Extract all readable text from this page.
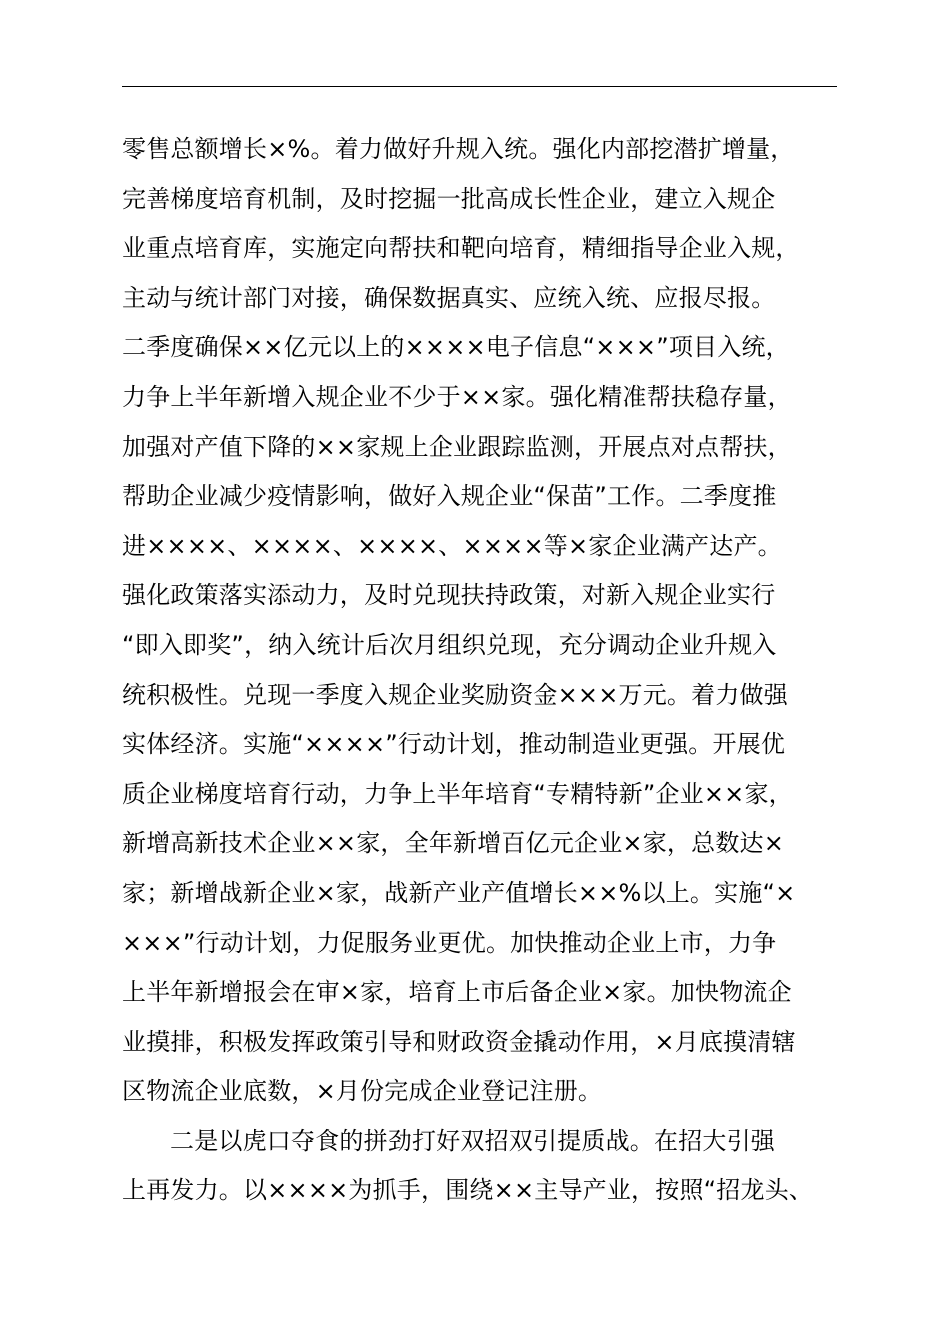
零售总额增长×%。着力做好升规入统。强化内部挖潜扩增量，
完善梯度培育机制，及时挖掘一批高成长性企业，建立入规企
业重点培育库，实施定向帮扶和靶向培育，精细指导企业入规，
主动与统计部门对接，确保数据真实、应统入统、应报尽报。
二季度确保××亿元以上的××××电子信息“×××”项目入统，
力争上半年新增入规企业不少于××家。强化精准帮扶稳存量，
加强对产值下降的××家规上企业跟踪监测，开展点对点帮扶，
帮助企业减少疫情影响，做好入规企业“保苗”工作。二季度推
进××××、××××、××××、××××等×家企业满产达产。
强化政策落实添动力，及时兑现扶持政策，对新入规企业实行
“即入即奖”，纳入统计后次月组织兑现，充分调动企业升规入
统积极性。兑现一季度入规企业奖励资金×××万元。着力做强
实体经济。实施“××××”行动计划，推动制造业更强。开展优
质企业梯度培育行动，力争上半年培育“专精特新”企业××家，
新增高新技术企业××家，全年新增百亿元企业×家，总数达×
家；新增战新企业×家，战新产业产值增长××%以上。实施“×
×××”行动计划，力促服务业更优。加快推动企业上市，力争
上半年新增报会在审×家，培育上市后备企业×家。加快物流企
业摸排，积极发挥政策引导和财政资金撬动作用，×月底摸清辖
区物流企业底数，×月份完成企业登记注册。
二是以虎口夺食的拼劲打好双招双引提质战。在招大引强
上再发力。以××××为抓手，围绕××主导产业，按照“招龙头、
